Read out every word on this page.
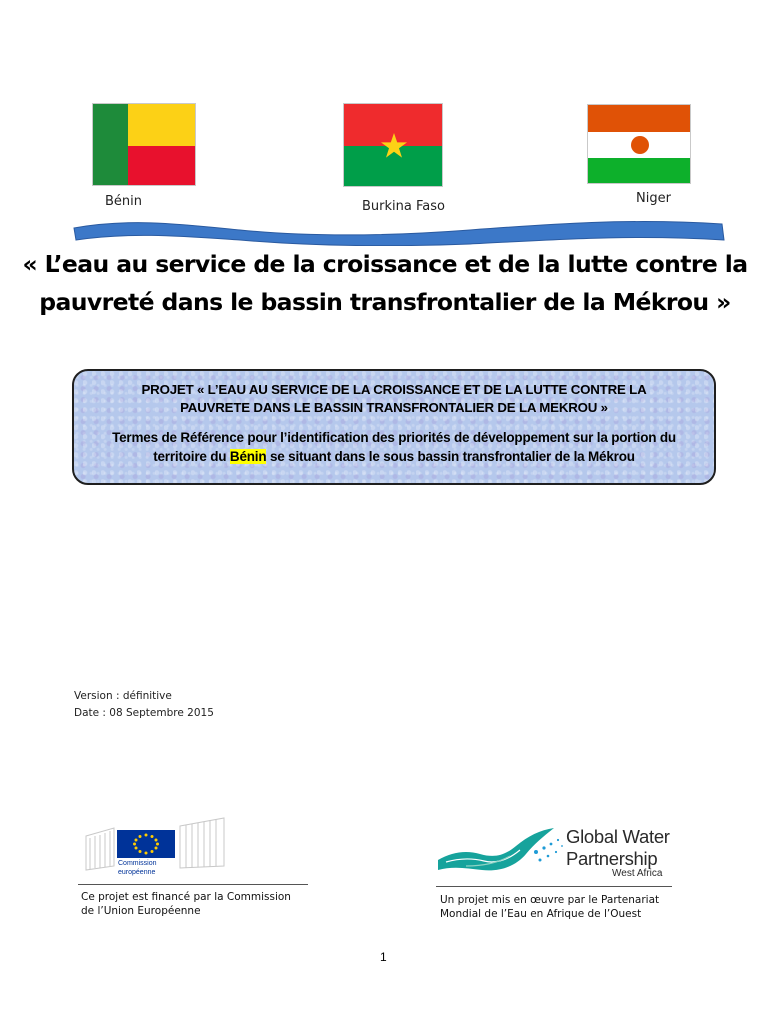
Bénin	Burkina Faso
Niger
« L’eau au service de la croissance et de la lutte contre la
pauvreté dans le bassin transfrontalier de la Mékrou »
PROJET « L’EAU AU SERVICE DE LA CROISSANCE ET DE LA LUTTE CONTRE LA
PAUVRETE DANS LE BASSIN TRANSFRONTALIER DE LA MEKROU »
Termes de Référence pour l’identification des priorités de développement sur la portion du
territoire du Bénin se situant dans le sous bassin transfrontalier de la Mékrou
Version : définitive
Date : 08 Septembre 2015
Commission
européenne
Ce projet est financé par la Commission
de l’Union Européenne
Global Water
Partnership
West Africa
Un projet mis en œuvre par le Partenariat
Mondial de l’Eau en Afrique de l’Ouest
1
